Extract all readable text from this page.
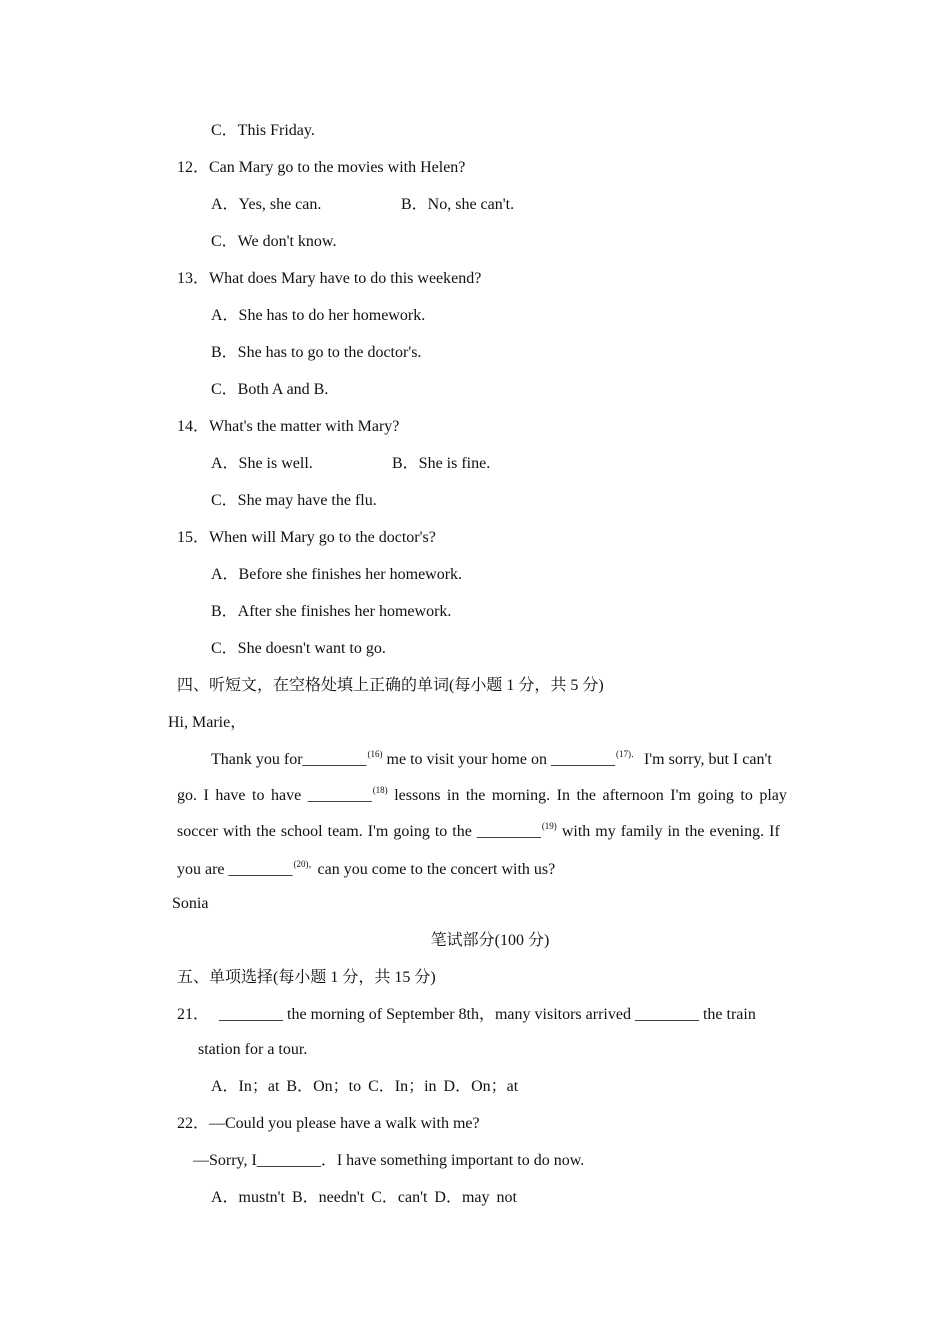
C．This Friday.
12．Can Mary go to the movies with Helen?
A．Yes, she can.	B．No, she can't.
C．We don't know.
13．What does Mary have to do this weekend?
A．She has to do her homework.
B．She has to go to the doctor's.
C．Both A and B.
14．What's the matter with Mary?
A．She is well.	B．She is fine.
C．She may have the flu.
15．When will Mary go to the doctor's?
A．Before she finishes her homework.
B．After she finishes her homework.
C．She doesn't want to go.
四、听短文，在空格处填上正确的单词(每小题 1 分，共 5 分)
Hi, Marie，
Thank you for________$^{(16)}$ me to visit your home on ________$^{(17).}$ I'm sorry, but I can't
go. I have to have ________$^{(18)}$ lessons in the morning. In the afternoon I'm going to play
soccer with the school team. I'm going to the ________$^{(19)}$ with my family in the evening. If
you are ________$^{(20),}$can you come to the concert with us?
Sonia
笔试部分(100 分)
五、单项选择(每小题 1 分，共 15 分)
21． ________ the morning of September 8th，many visitors arrived ________ the train
station for a tour.
A．In；at B．On；to C．In；in D．On；at
22．—Could you please have a walk with me?
—Sorry, I________．I have something important to do now.
A．mustn't B．needn't C．can't D．may not
